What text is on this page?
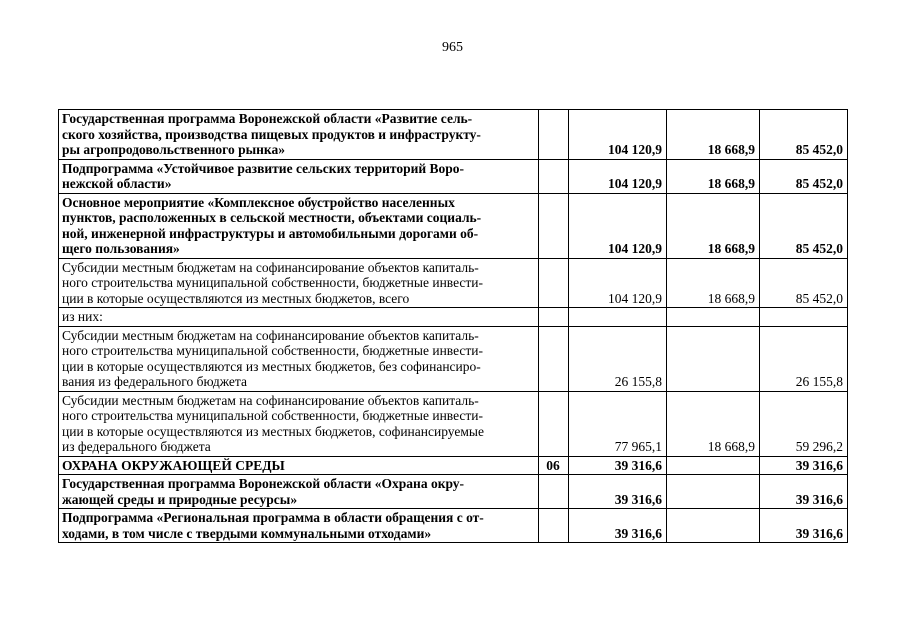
965
Государственная программа Воронежской области «Развитие сель-
ского хозяйства, производства пищевых продуктов и инфраструкту-
ры агропродовольственного рынка»		104 120,9	18 668,9	85 452,0

Подпрограмма «Устойчивое развитие сельских территорий Воро-
нежской области»		104 120,9	18 668,9	85 452,0

Основное мероприятие «Комплексное обустройство населенных
пунктов, расположенных в сельской местности, объектами социаль-
ной, инженерной инфраструктуры и автомобильными дорогами об-
щего пользования»		104 120,9	18 668,9	85 452,0

Субсидии местным бюджетам на софинансирование объектов капиталь-
ного строительства муниципальной собственности, бюджетные инвести-
ции в которые осуществляются из местных бюджетов, всего		104 120,9	18 668,9	85 452,0

из них:				

Субсидии местным бюджетам на софинансирование объектов капиталь-
ного строительства муниципальной собственности, бюджетные инвести-
ции в которые осуществляются из местных бюджетов, без софинансиро-
вания из федерального бюджета		26 155,8		26 155,8

Субсидии местным бюджетам на софинансирование объектов капиталь-
ного строительства муниципальной собственности, бюджетные инвести-
ции в которые осуществляются из местных бюджетов, софинансируемые
из федерального бюджета		77 965,1	18 668,9	59 296,2

ОХРАНА ОКРУЖАЮЩЕЙ СРЕДЫ	06	39 316,6		39 316,6

Государственная программа Воронежской области «Охрана окру-
жающей среды и природные ресурсы»		39 316,6		39 316,6

Подпрограмма «Региональная программа в области обращения с от-
ходами, в том числе с твердыми коммунальными отходами»		39 316,6		39 316,6
